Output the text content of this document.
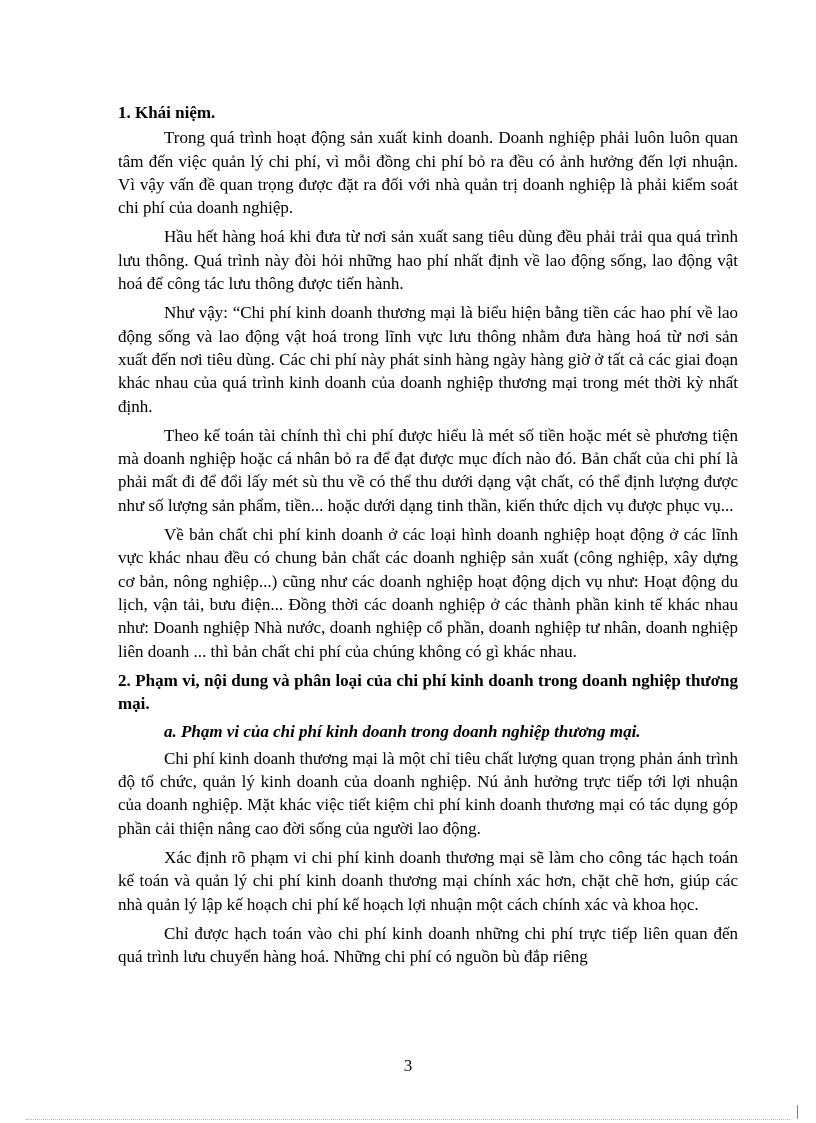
1. Khái niệm.
Trong quá trình hoạt động sản xuất kinh doanh. Doanh nghiệp phải luôn luôn quan tâm đến việc quản lý chi phí, vì mỗi đồng chi phí bỏ ra đều có ảnh hưởng đến lợi nhuận. Vì vậy vấn đề quan trọng được đặt ra đối với nhà quản trị doanh nghiệp là phải kiểm soát chi phí của doanh nghiệp.
Hầu hết hàng hoá khi đưa từ nơi sản xuất sang tiêu dùng đều phải trải qua quá trình lưu thông. Quá trình này đòi hỏi những hao phí nhất định về lao động sống, lao động vật hoá để công tác lưu thông được tiến hành.
Như vậy: “Chi phí kinh doanh thương mại là biểu hiện bằng tiền các hao phí về lao động sống và lao động vật hoá trong lĩnh vực lưu thông nhằm đưa hàng hoá từ nơi sản xuất đến nơi tiêu dùng. Các chi phí này phát sinh hàng ngày hàng giờ ở tất cả các giai đoạn khác nhau của quá trình kinh doanh của doanh nghiệp thương mại trong mét thời kỳ nhất định.
Theo kế toán tài chính thì chi phí được hiểu là mét số tiền hoặc mét sè phương tiện mà doanh nghiệp hoặc cá nhân bỏ ra để đạt được mục đích nào đó. Bản chất của chi phí là phải mất đi để đổi lấy mét sù thu về có thể thu dưới dạng vật chất, có thể định lượng được như số lượng sản phẩm, tiền... hoặc dưới dạng tinh thần, kiến thức dịch vụ được phục vụ...
Về bản chất chi phí kinh doanh ở các loại hình doanh nghiệp hoạt động ở các lĩnh vực khác nhau đều có chung bản chất các doanh nghiệp sản xuất (công nghiệp, xây dựng cơ bản, nông nghiệp...) cũng như các doanh nghiệp hoạt động dịch vụ như: Hoạt động du lịch, vận tải, bưu điện... Đồng thời các doanh nghiệp ở các thành phần kinh tế khác nhau như: Doanh nghiệp Nhà nước, doanh nghiệp cổ phần, doanh nghiệp tư nhân, doanh nghiệp liên doanh ... thì bản chất chi phí của chúng không có gì khác nhau.
2. Phạm vi, nội dung và phân loại của chi phí kinh doanh trong doanh nghiệp thương mại.
a. Phạm vi của chi phí kinh doanh trong doanh nghiệp thương mại.
Chi phí kinh doanh thương mại là một chỉ tiêu chất lượng quan trọng phản ánh trình độ tổ chức, quản lý kinh doanh của doanh nghiệp. Nú ảnh hưởng trực tiếp tới lợi nhuận của doanh nghiệp. Mặt khác việc tiết kiệm chi phí kinh doanh thương mại có tác dụng góp phần cải thiện nâng cao đời sống của người lao động.
Xác định rõ phạm vi chi phí kinh doanh thương mại sẽ làm cho công tác hạch toán kế toán và quản lý chi phí kinh doanh thương mại chính xác hơn, chặt chẽ hơn, giúp các nhà quản lý lập kế hoạch chi phí kế hoạch lợi nhuận một cách chính xác và khoa học.
Chỉ được hạch toán vào chi phí kinh doanh những chi phí trực tiếp liên quan đến quá trình lưu chuyển hàng hoá. Những chi phí có nguồn bù đắp riêng
3
